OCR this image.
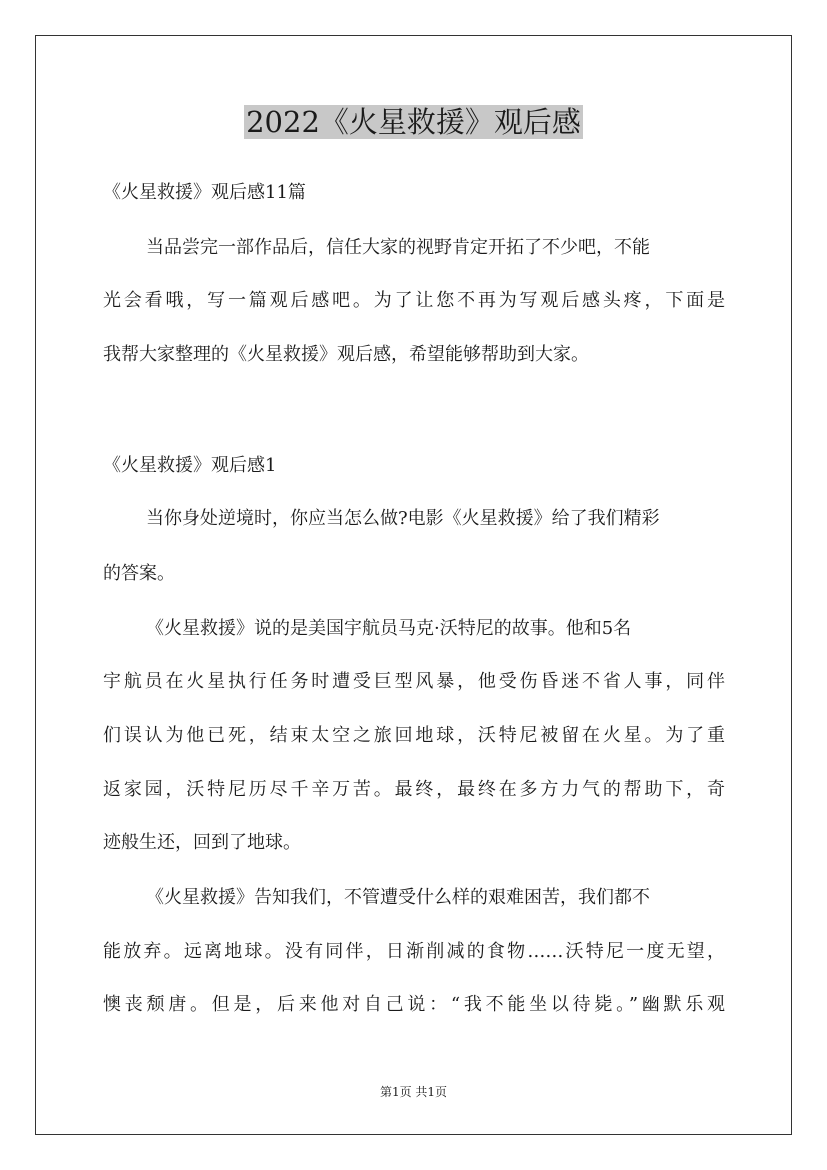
2022《火星救援》观后感
《火星救援》观后感11篇
当品尝完一部作品后，信任大家的视野肯定开拓了不少吧，不能
光会看哦，写一篇观后感吧。为了让您不再为写观后感头疼，下面是
我帮大家整理的《火星救援》观后感，希望能够帮助到大家。
《火星救援》观后感1
当你身处逆境时，你应当怎么做?电影《火星救援》给了我们精彩
的答案。
《火星救援》说的是美国宇航员马克·沃特尼的故事。他和5名
宇航员在火星执行任务时遭受巨型风暴，他受伤昏迷不省人事，同伴
们误认为他已死，结束太空之旅回地球，沃特尼被留在火星。为了重
返家园，沃特尼历尽千辛万苦。最终，最终在多方力气的帮助下，奇
迹般生还，回到了地球。
《火星救援》告知我们，不管遭受什么样的艰难困苦，我们都不
能放弃。远离地球。没有同伴，日渐削减的食物……沃特尼一度无望，
懊丧颓唐。但是，后来他对自己说：“我不能坐以待毙。”幽默乐观
第1页 共1页
